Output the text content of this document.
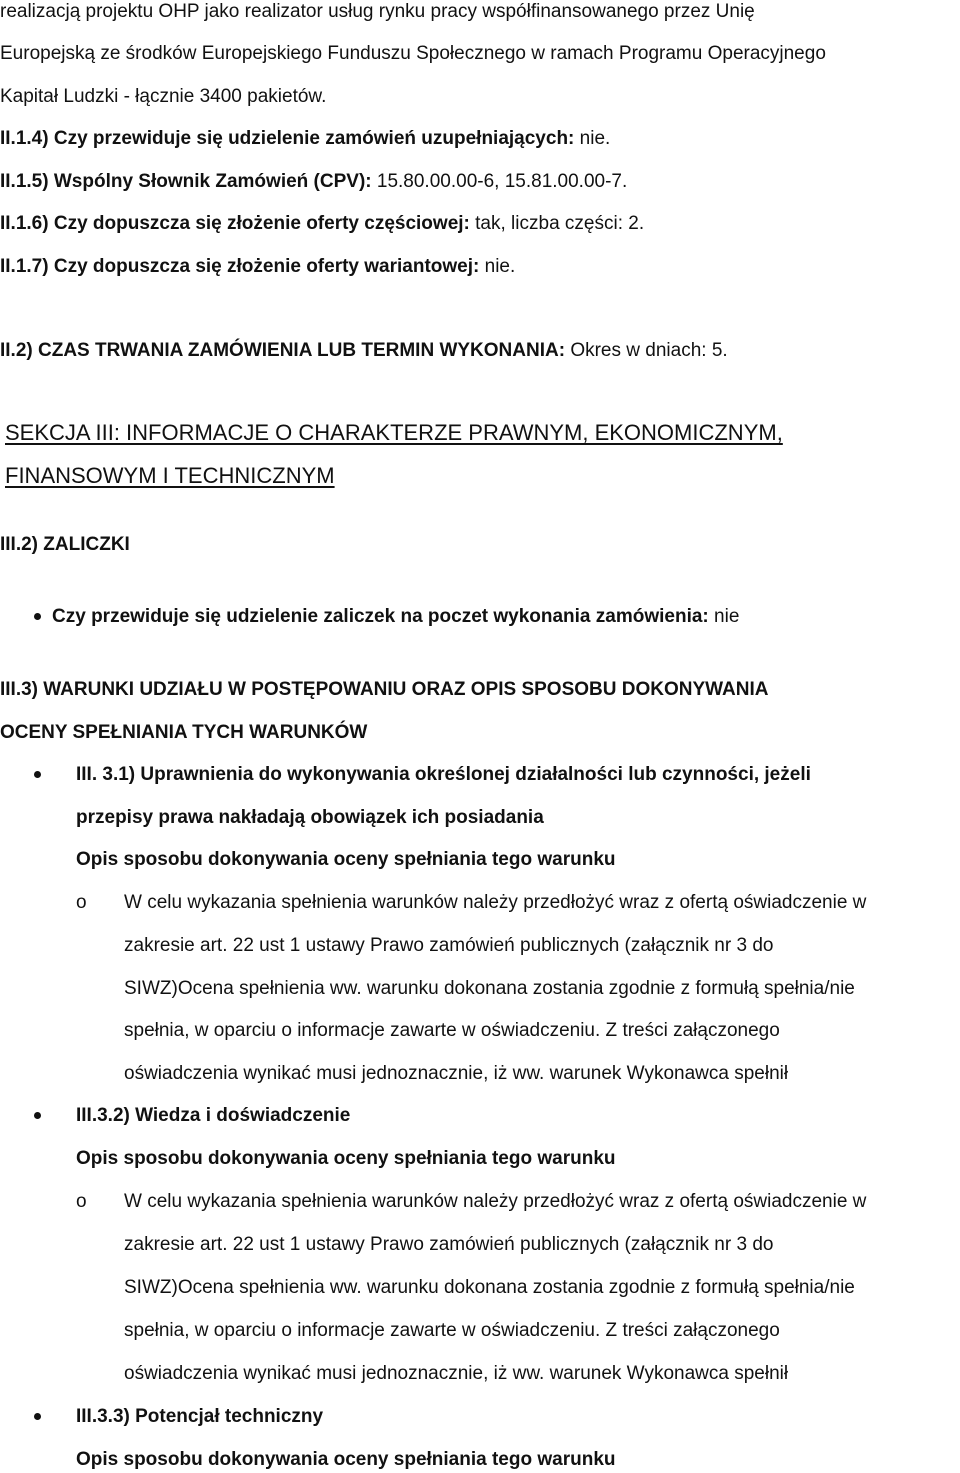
realizacją projektu OHP jako realizator usług rynku pracy współfinansowanego przez Unię
Europejską ze środków Europejskiego Funduszu Społecznego w ramach Programu Operacyjnego
Kapitał Ludzki - łącznie 3400 pakietów.
II.1.4) Czy przewiduje się udzielenie zamówień uzupełniających: nie.
II.1.5) Wspólny Słownik Zamówień (CPV): 15.80.00.00-6, 15.81.00.00-7.
II.1.6) Czy dopuszcza się złożenie oferty częściowej: tak, liczba części: 2.
II.1.7) Czy dopuszcza się złożenie oferty wariantowej: nie.
II.2) CZAS TRWANIA ZAMÓWIENIA LUB TERMIN WYKONANIA: Okres w dniach: 5.
SEKCJA III: INFORMACJE O CHARAKTERZE PRAWNYM, EKONOMICZNYM,
FINANSOWYM I TECHNICZNYM
III.2) ZALICZKI
Czy przewiduje się udzielenie zaliczek na poczet wykonania zamówienia: nie
III.3) WARUNKI UDZIAŁU W POSTĘPOWANIU ORAZ OPIS SPOSOBU DOKONYWANIA
OCENY SPEŁNIANIA TYCH WARUNKÓW
III. 3.1) Uprawnienia do wykonywania określonej działalności lub czynności, jeżeli
przepisy prawa nakładają obowiązek ich posiadania
Opis sposobu dokonywania oceny spełniania tego warunku
o W celu wykazania spełnienia warunków należy przedłożyć wraz z ofertą oświadczenie w
zakresie art. 22 ust 1 ustawy Prawo zamówień publicznych (załącznik nr 3 do
SIWZ)Ocena spełnienia ww. warunku dokonana zostania zgodnie z formułą spełnia/nie
spełnia, w oparciu o informacje zawarte w oświadczeniu. Z treści załączonego
oświadczenia wynikać musi jednoznacznie, iż ww. warunek Wykonawca spełnił
III.3.2) Wiedza i doświadczenie
Opis sposobu dokonywania oceny spełniania tego warunku
o W celu wykazania spełnienia warunków należy przedłożyć wraz z ofertą oświadczenie w
zakresie art. 22 ust 1 ustawy Prawo zamówień publicznych (załącznik nr 3 do
SIWZ)Ocena spełnienia ww. warunku dokonana zostania zgodnie z formułą spełnia/nie
spełnia, w oparciu o informacje zawarte w oświadczeniu. Z treści załączonego
oświadczenia wynikać musi jednoznacznie, iż ww. warunek Wykonawca spełnił
III.3.3) Potencjał techniczny
Opis sposobu dokonywania oceny spełniania tego warunku
